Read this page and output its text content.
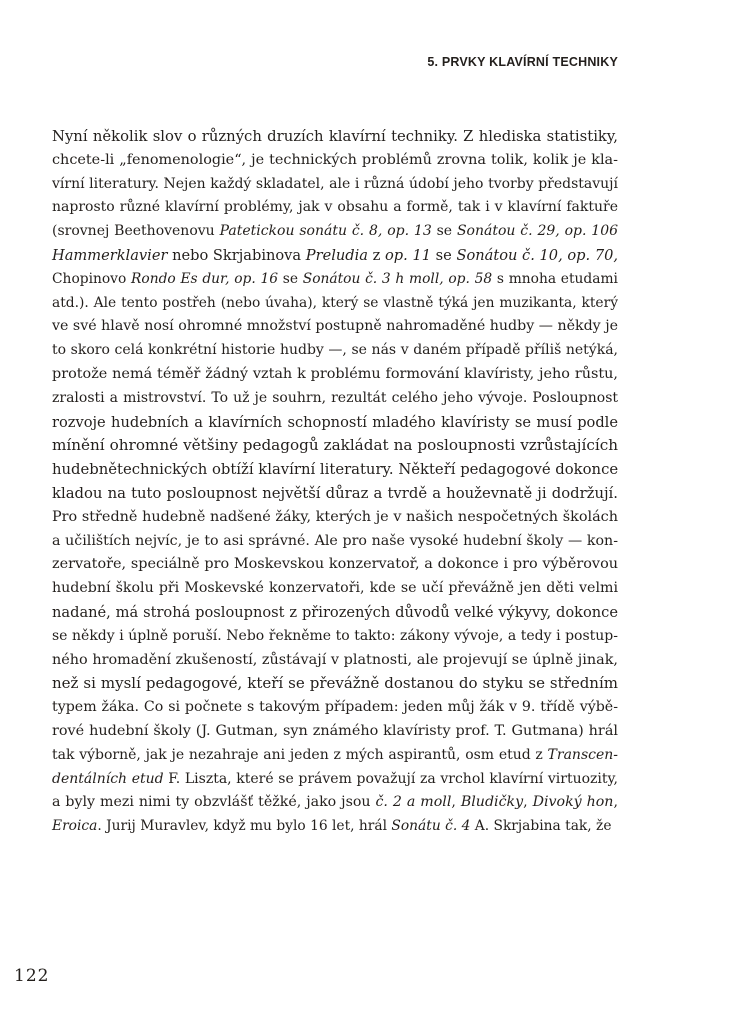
5. PRVKY KLAVÍRNÍ TECHNIKY
Nyní několik slov o různých druzích klavírní techniky. Z hlediska statistiky,
chcete-li „fenomenologie“, je technických problémů zrovna tolik, kolik je kla-
vírní literatury. Nejen každý skladatel, ale i různá údobí jeho tvorby představují
naprosto různé klavírní problémy, jak v obsahu a formě, tak i v klavírní faktuře
(srovnej Beethovenovu Patetickou sonátu č. 8, op. 13 se Sonátou č. 29, op. 106
Hammerklavier nebo Skrjabinova Preludia z op. 11 se Sonátou č. 10, op. 70,
Chopinovo Rondo Es dur, op. 16 se Sonátou č. 3 h moll, op. 58 s mnoha etudami
atd.). Ale tento postřeh (nebo úvaha), který se vlastně týká jen muzikanta, který
ve své hlavě nosí ohromné množství postupně nahromaděné hudby — někdy je
to skoro celá konkrétní historie hudby —, se nás v daném případě příliš netýká,
protože nemá téměř žádný vztah k problému formování klavíristy, jeho růstu,
zralosti a mistrovství. To už je souhrn, rezultát celého jeho vývoje. Posloupnost
rozvoje hudebních a klavírních schopností mladého klavíristy se musí podle
mínění ohromné většiny pedagogů zakládat na posloupnosti vzrůstajících
hudebnětechnických obtíží klavírní literatury. Někteří pedagogové dokonce
kladou na tuto posloupnost největší důraz a tvrdě a houževnatě ji dodržují.
Pro středně hudebně nadšené žáky, kterých je v našich nespočetných školách
a učilištích nejvíc, je to asi správné. Ale pro naše vysoké hudební školy — kon-
zervatoře, speciálně pro Moskevskou konzervatoř, a dokonce i pro výběrovou
hudební školu při Moskevské konzervatoři, kde se učí převážně jen děti velmi
nadané, má strohá posloupnost z přirozených důvodů velké výkyvy, dokonce
se někdy i úplně poruší. Nebo řekněme to takto: zákony vývoje, a tedy i postup-
ného hromadění zkušeností, zůstávají v platnosti, ale projevují se úplně jinak,
než si myslí pedagogové, kteří se převážně dostanou do styku se středním
typem žáka. Co si počnete s takovým případem: jeden můj žák v 9. třídě výbě-
rové hudební školy (J. Gutman, syn známého klavíristy prof. T. Gutmana) hrál
tak výborně, jak je nezahraje ani jeden z mých aspirantů, osm etud z Transcen-
dentálních etud F. Liszta, které se právem považují za vrchol klavírní virtuozity,
a byly mezi nimi ty obzvlášť těžké, jako jsou č. 2 a moll, Bludičky, Divoký hon,
Eroica. Jurij Muravlev, když mu bylo 16 let, hrál Sonátu č. 4 A. Skrjabina tak, že
122
